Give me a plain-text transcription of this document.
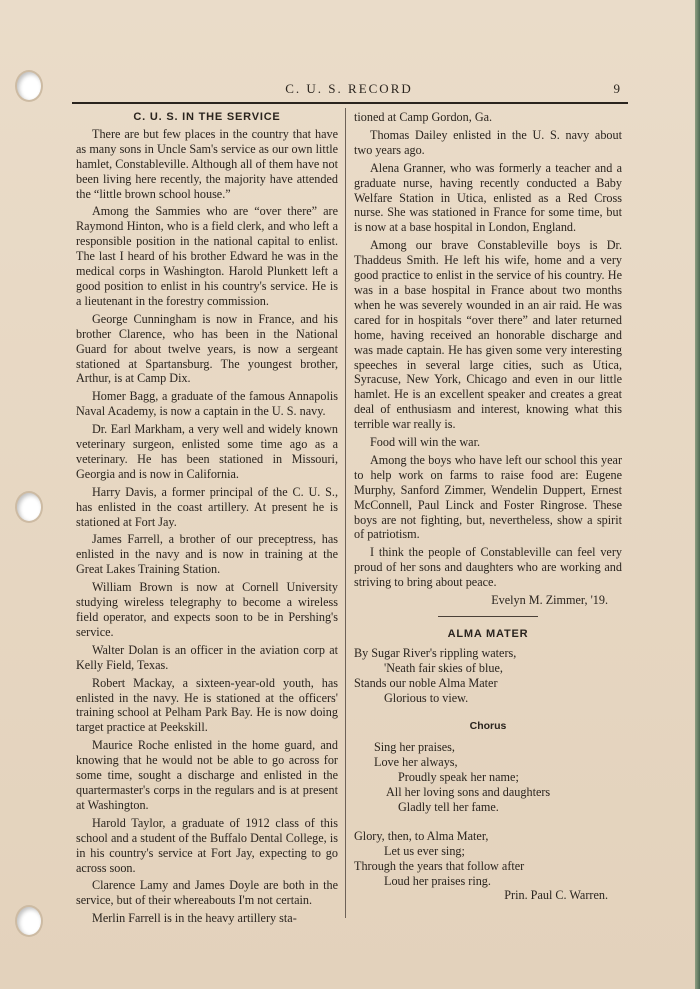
C. U. S. RECORD	9
C. U. S. IN THE SERVICE

There are but few places in the country that have as many sons in Uncle Sam's service as our own little hamlet, Constableville. Although all of them have not been living here recently, the majority have attended the “little brown school house.”

Among the Sammies who are “over there” are Raymond Hinton, who is a field clerk, and who left a responsible position in the national capital to enlist. The last I heard of his brother Edward he was in the medical corps in Washington. Harold Plunkett left a good position to enlist in his country's service. He is a lieutenant in the forestry commission.

George Cunningham is now in France, and his brother Clarence, who has been in the National Guard for about twelve years, is now a sergeant stationed at Spartansburg. The youngest brother, Arthur, is at Camp Dix.

Homer Bagg, a graduate of the famous Annapolis Naval Academy, is now a captain in the U. S. navy.

Dr. Earl Markham, a very well and widely known veterinary surgeon, enlisted some time ago as a veterinary. He has been stationed in Missouri, Georgia and is now in California.

Harry Davis, a former principal of the C. U. S., has enlisted in the coast artillery. At present he is stationed at Fort Jay.

James Farrell, a brother of our preceptress, has enlisted in the navy and is now in training at the Great Lakes Training Station.

William Brown is now at Cornell University studying wireless telegraphy to become a wireless field operator, and expects soon to be in Pershing's service.

Walter Dolan is an officer in the aviation corp at Kelly Field, Texas.

Robert Mackay, a sixteen-year-old youth, has enlisted in the navy. He is stationed at the officers' training school at Pelham Park Bay. He is now doing target practice at Peekskill.

Maurice Roche enlisted in the home guard, and knowing that he would not be able to go across for some time, sought a discharge and enlisted in the quartermaster's corps in the regulars and is at present at Washington.

Harold Taylor, a graduate of 1912 class of this school and a student of the Buffalo Dental College, is in his country's service at Fort Jay, expecting to go across soon.

Clarence Lamy and James Doyle are both in the service, but of their whereabouts I'm not certain.

Merlin Farrell is in the heavy artillery sta-

tioned at Camp Gordon, Ga.

Thomas Dailey enlisted in the U. S. navy about two years ago.

Alena Granner, who was formerly a teacher and a graduate nurse, having recently conducted a Baby Welfare Station in Utica, enlisted as a Red Cross nurse. She was stationed in France for some time, but is now at a base hospital in London, England.

Among our brave Constableville boys is Dr. Thaddeus Smith. He left his wife, home and a very good practice to enlist in the service of his country. He was in a base hospital in France about two months when he was severely wounded in an air raid. He was cared for in hospitals “over there” and later returned home, having received an honorable discharge and was made captain. He has given some very interesting speeches in several large cities, such as Utica, Syracuse, New York, Chicago and even in our little hamlet. He is an excellent speaker and creates a great deal of enthusiasm and interest, knowing what this terrible war really is.

Food will win the war.

Among the boys who have left our school this year to help work on farms to raise food are: Eugene Murphy, Sanford Zimmer, Wendelin Duppert, Ernest McConnell, Paul Linck and Foster Ringrose. These boys are not fighting, but, nevertheless, show a spirit of patriotism.

I think the people of Constableville can feel very proud of her sons and daughters who are working and striving to bring about peace.

Evelyn M. Zimmer, '19.
ALMA MATER
By Sugar River's rippling waters,
'Neath fair skies of blue,
Stands our noble Alma Mater
Glorious to view.
Chorus
Sing her praises,
Love her always,
Proudly speak her name;
All her loving sons and daughters
Gladly tell her fame.
Glory, then, to Alma Mater,
Let us ever sing;
Through the years that follow after
Loud her praises ring.
Prin. Paul C. Warren.
